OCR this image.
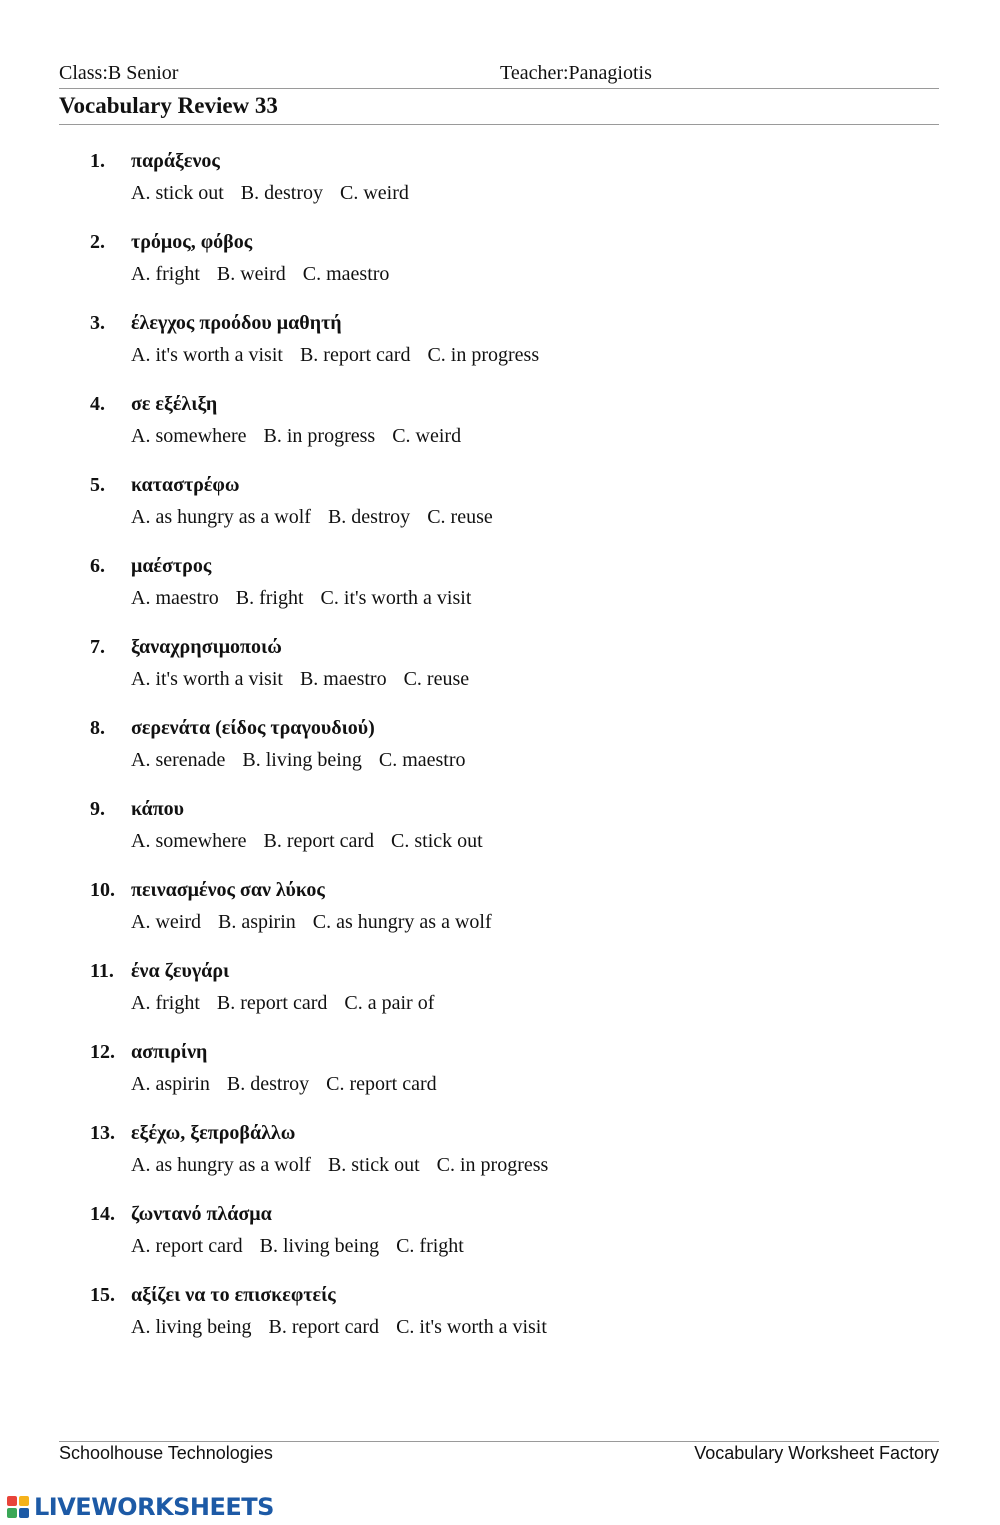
Class:B Senior	Teacher:Panagiotis
Vocabulary Review 33
1. παράξενος
A. stick out B. destroy C. weird
2. τρόμος, φόβος
A. fright B. weird C. maestro
3. έλεγχος προόδου μαθητή
A. it's worth a visit B. report card C. in progress
4. σε εξέλιξη
A. somewhere B. in progress C. weird
5. καταστρέφω
A. as hungry as a wolf B. destroy C. reuse
6. μαέστρος
A. maestro B. fright C. it's worth a visit
7. ξαναχρησιμοποιώ
A. it's worth a visit B. maestro C. reuse
8. σερενάτα (είδος τραγουδιού)
A. serenade B. living being C. maestro
9. κάπου
A. somewhere B. report card C. stick out
10. πεινασμένος σαν λύκος
A. weird B. aspirin C. as hungry as a wolf
11. ένα ζευγάρι
A. fright B. report card C. a pair of
12. ασπιρίνη
A. aspirin B. destroy C. report card
13. εξέχω, ξεπροβάλλω
A. as hungry as a wolf B. stick out C. in progress
14. ζωντανό πλάσμα
A. report card B. living being C. fright
15. αξίζει να το επισκεφτείς
A. living being B. report card C. it's worth a visit
Schoolhouse Technologies	Vocabulary Worksheet Factory
LIVEWORKSHEETS
